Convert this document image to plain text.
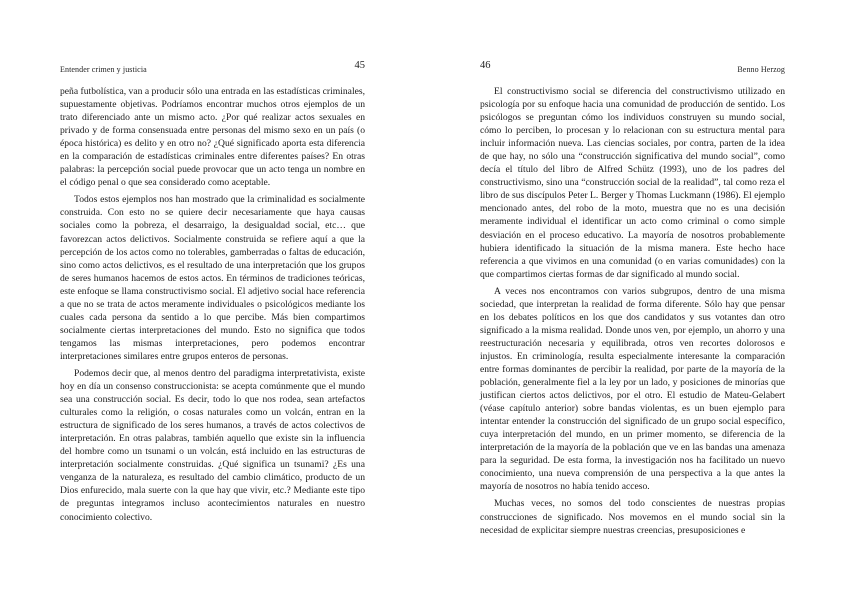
Entender crimen y justicia	45

peña futbolística, van a producir sólo una entrada en las estadísticas criminales, supuestamente objetivas. Podríamos encontrar muchos otros ejemplos de un trato diferenciado ante un mismo acto. ¿Por qué realizar actos sexuales en privado y de forma consensuada entre personas del mismo sexo en un país (o época histórica) es delito y en otro no? ¿Qué significado aporta esta diferencia en la comparación de estadísticas criminales entre diferentes países? En otras palabras: la percepción social puede provocar que un acto tenga un nombre en el código penal o que sea considerado como aceptable.

Todos estos ejemplos nos han mostrado que la criminalidad es socialmente construida. Con esto no se quiere decir necesariamente que haya causas sociales como la pobreza, el desarraigo, la desigualdad social, etc… que favorezcan actos delictivos. Socialmente construida se refiere aquí a que la percepción de los actos como no tolerables, gamberradas o faltas de educación, sino como actos delictivos, es el resultado de una interpretación que los grupos de seres humanos hacemos de estos actos. En términos de tradiciones teóricas, este enfoque se llama constructivismo social. El adjetivo social hace referencia a que no se trata de actos meramente individuales o psicológicos mediante los cuales cada persona da sentido a lo que percibe. Más bien compartimos socialmente ciertas interpretaciones del mundo. Esto no significa que todos tengamos las mismas interpretaciones, pero podemos encontrar interpretaciones similares entre grupos enteros de personas.

Podemos decir que, al menos dentro del paradigma interpretativista, existe hoy en día un consenso construccionista: se acepta comúnmente que el mundo sea una construcción social. Es decir, todo lo que nos rodea, sean artefactos culturales como la religión, o cosas naturales como un volcán, entran en la estructura de significado de los seres humanos, a través de actos colectivos de interpretación. En otras palabras, también aquello que existe sin la influencia del hombre como un tsunami o un volcán, está incluido en las estructuras de interpretación socialmente construidas. ¿Qué significa un tsunami? ¿Es una venganza de la naturaleza, es resultado del cambio climático, producto de un Dios enfurecido, mala suerte con la que hay que vivir, etc.? Mediante este tipo de preguntas integramos incluso acontecimientos naturales en nuestro conocimiento colectivo.

46	Benno Herzog

El constructivismo social se diferencia del constructivismo utilizado en psicología por su enfoque hacia una comunidad de producción de sentido. Los psicólogos se preguntan cómo los individuos construyen su mundo social, cómo lo perciben, lo procesan y lo relacionan con su estructura mental para incluir información nueva. Las ciencias sociales, por contra, parten de la idea de que hay, no sólo una “construcción significativa del mundo social”, como decía el título del libro de Alfred Schütz (1993), uno de los padres del constructivismo, sino una “construcción social de la realidad”, tal como reza el libro de sus discípulos Peter L. Berger y Thomas Luckmann (1986). El ejemplo mencionado antes, del robo de la moto, muestra que no es una decisión meramente individual el identificar un acto como criminal o como simple desviación en el proceso educativo. La mayoría de nosotros probablemente hubiera identificado la situación de la misma manera. Este hecho hace referencia a que vivimos en una comunidad (o en varias comunidades) con la que compartimos ciertas formas de dar significado al mundo social.

A veces nos encontramos con varios subgrupos, dentro de una misma sociedad, que interpretan la realidad de forma diferente. Sólo hay que pensar en los debates políticos en los que dos candidatos y sus votantes dan otro significado a la misma realidad. Donde unos ven, por ejemplo, un ahorro y una reestructuración necesaria y equilibrada, otros ven recortes dolorosos e injustos. En criminología, resulta especialmente interesante la comparación entre formas dominantes de percibir la realidad, por parte de la mayoría de la población, generalmente fiel a la ley por un lado, y posiciones de minorías que justifican ciertos actos delictivos, por el otro. El estudio de Mateu-Gelabert (véase capítulo anterior) sobre bandas violentas, es un buen ejemplo para intentar entender la construcción del significado de un grupo social específico, cuya interpretación del mundo, en un primer momento, se diferencia de la interpretación de la mayoría de la población que ve en las bandas una amenaza para la seguridad. De esta forma, la investigación nos ha facilitado un nuevo conocimiento, una nueva comprensión de una perspectiva a la que antes la mayoría de nosotros no había tenido acceso.

Muchas veces, no somos del todo conscientes de nuestras propias construcciones de significado. Nos movemos en el mundo social sin la necesidad de explicitar siempre nuestras creencias, presuposiciones e
